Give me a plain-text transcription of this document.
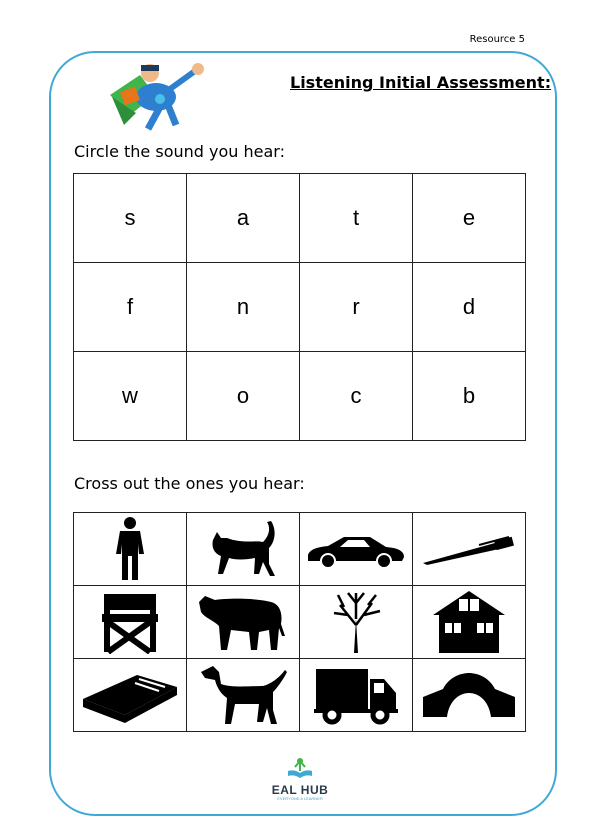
Resource 5
Listening Initial Assessment:
Circle the sound you hear:
s	a	t	e
f	n	r	d
w	o	c	b
Cross out the ones you hear:

EAL HUB
EVERYONE A LEARNER
